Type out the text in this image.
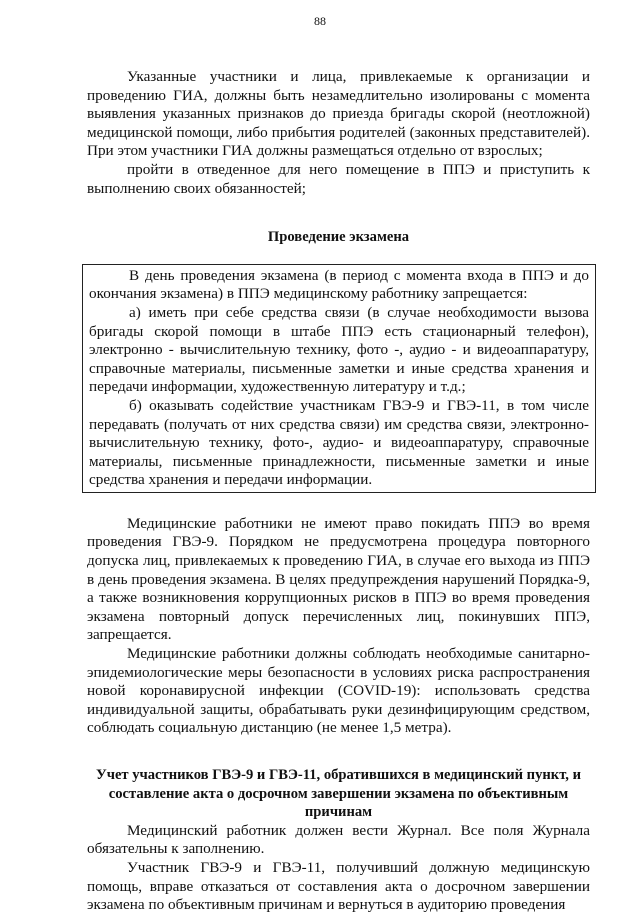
88

Указанные участники и лица, привлекаемые к организации и проведению ГИА, должны быть незамедлительно изолированы с момента выявления указанных признаков до приезда бригады скорой (неотложной) медицинской помощи, либо прибытия родителей (законных представителей). При этом участники ГИА должны размещаться отдельно от взрослых;

пройти в отведенное для него помещение в ППЭ и приступить к выполнению своих обязанностей;

Проведение экзамена

В день проведения экзамена (в период с момента входа в ППЭ и до окончания экзамена) в ППЭ медицинскому работнику запрещается:

а) иметь при себе средства связи (в случае необходимости вызова бригады скорой помощи в штабе ППЭ есть стационарный телефон), электронно - вычислительную технику, фото -, аудио - и видеоаппаратуру, справочные материалы, письменные заметки и иные средства хранения и передачи информации, художественную литературу и т.д.;

б) оказывать содействие участникам ГВЭ-9 и ГВЭ-11, в том числе передавать (получать от них средства связи) им средства связи, электронно-вычислительную технику, фото-, аудио- и видеоаппаратуру, справочные материалы, письменные принадлежности, письменные заметки и иные средства хранения и передачи информации.

Медицинские работники не имеют право покидать ППЭ во время проведения ГВЭ-9. Порядком не предусмотрена процедура повторного допуска лиц, привлекаемых к проведению ГИА, в случае его выхода из ППЭ в день проведения экзамена. В целях предупреждения нарушений Порядка-9, а также возникновения коррупционных рисков в ППЭ во время проведения экзамена повторный допуск перечисленных лиц, покинувших ППЭ, запрещается.

Медицинские работники должны соблюдать необходимые санитарно-эпидемиологические меры безопасности в условиях риска распространения новой коронавирусной инфекции (COVID-19): использовать средства индивидуальной защиты, обрабатывать руки дезинфицирующим средством, соблюдать социальную дистанцию (не менее 1,5 метра).

Учет участников ГВЭ-9 и ГВЭ-11, обратившихся в медицинский пункт, и составление акта о досрочном завершении экзамена по объективным причинам

Медицинский работник должен вести Журнал. Все поля Журнала обязательны к заполнению.

Участник ГВЭ-9 и ГВЭ-11, получивший должную медицинскую помощь, вправе отказаться от составления акта о досрочном завершении экзамена по объективным причинам и вернуться в аудиторию проведения
